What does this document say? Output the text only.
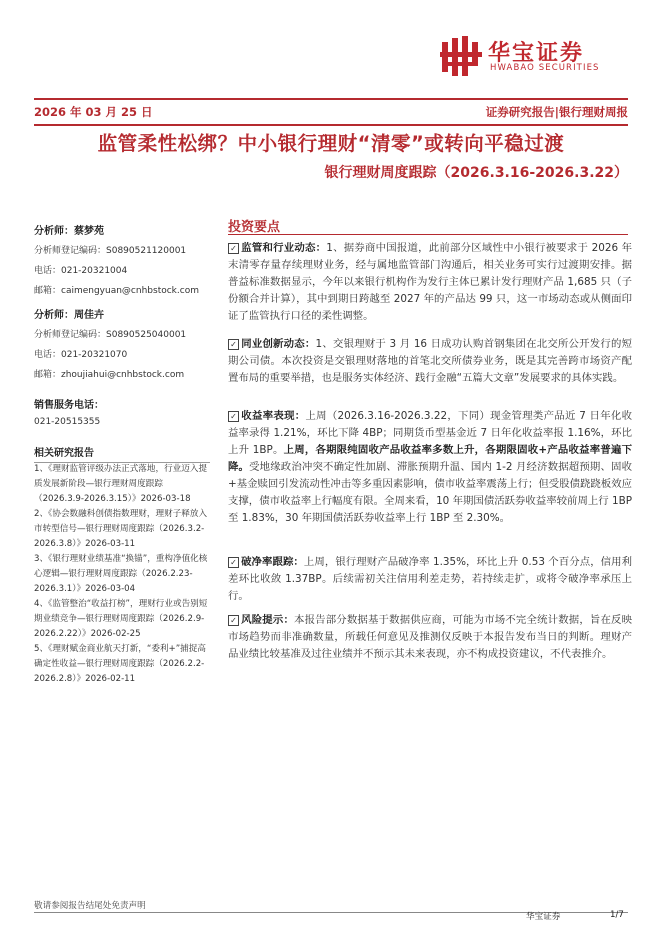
华宝证券
HWABAO SECURITIES
2026 年 03 月 25 日	证券研究报告|银行理财周报
监管柔性松绑？中小银行理财“清零”或转向平稳过渡
银行理财周度跟踪（2026.3.16-2026.3.22）
分析师：蔡梦苑
分析师登记编码：S0890521120001
电话：021-20321004
邮箱：caimengyuan@cnhbstock.com
分析师：周佳卉
分析师登记编码：S0890525040001
电话：021-20321070
邮箱：zhoujiahui@cnhbstock.com
销售服务电话：
021-20515355
相关研究报告
1、《理财监管评级办法正式落地，行业迈入提质发展新阶段—银行理财周度跟踪（2026.3.9-2026.3.15）》2026-03-18
2、《协会数融科创债指数理财，理财子释放入市转型信号—银行理财周度跟踪（2026.3.2-2026.3.8）》2026-03-11
3、《银行理财业绩基准“换锚”，重构净值化核心逻辑—银行理财周度跟踪（2026.2.23-2026.3.1）》2026-03-04
4、《监管整治“收益打榜”，理财行业或告别短期业绩竞争—银行理财周度跟踪（2026.2.9-2026.2.22）》2026-02-25
5、《理财赋金商业航天打新，“委利+”捕捉高确定性收益—银行理财周度跟踪（2026.2.2-2026.2.8）》2026-02-11
投资要点
✓ 监管和行业动态：1、据券商中国报道，此前部分区域性中小银行被要求于 2026 年末清零存量存续理财业务，经与属地监管部门沟通后，相关业务可实行过渡期安排。据普益标准数据显示，今年以来银行机构作为发行主体已累计发行理财产品 1,685 只（子份额合并计算），其中到期日跨越至 2027 年的产品达 99 只，这一市场动态或从侧面印证了监管执行口径的柔性调整。
✓ 同业创新动态：1、交银理财于 3 月 16 日成功认购首钢集团在北交所公开发行的短期公司债。本次投资是交银理财落地的首笔北交所债券业务，既是其完善跨市场资产配置布局的重要举措，也是服务实体经济、践行金融“五篇大文章”发展要求的具体实践。
✓ 收益率表现：上周（2026.3.16-2026.3.22，下同）现金管理类产品近 7 日年化收益率录得 1.21%，环比下降 4BP；同期货币型基金近 7 日年化收益率报 1.16%，环比上升 1BP。上周，各期限纯固收产品收益率多数上升，各期限固收+产品收益率普遍下降。受地缘政治冲突不确定性加剧、滞胀预期升温、国内 1-2 月经济数据超预期、固收+基金赎回引发流动性冲击等多重因素影响，债市收益率震荡上行；但受股债跷跷板效应支撑，债市收益率上行幅度有限。全周来看，10 年期国债活跃券收益率较前周上行 1BP 至 1.83%，30 年期国债活跃券收益率上行 1BP 至 2.30%。
✓ 破净率跟踪：上周，银行理财产品破净率 1.35%，环比上升 0.53 个百分点，信用利差环比收敛 1.37BP。后续需初关注信用利差走势，若持续走扩，或将令破净率承压上行。
✓ 风险提示：本报告部分数据基于数据供应商，可能为市场不完全统计数据，旨在反映市场趋势而非准确数量，所载任何意见及推测仅反映于本报告发布当日的判断。理财产品业绩比较基准及过往业绩并不预示其未来表现，亦不构成投资建议，不代表推介。
敬请参阅报告结尾处免责声明
华宝证券	1/7
